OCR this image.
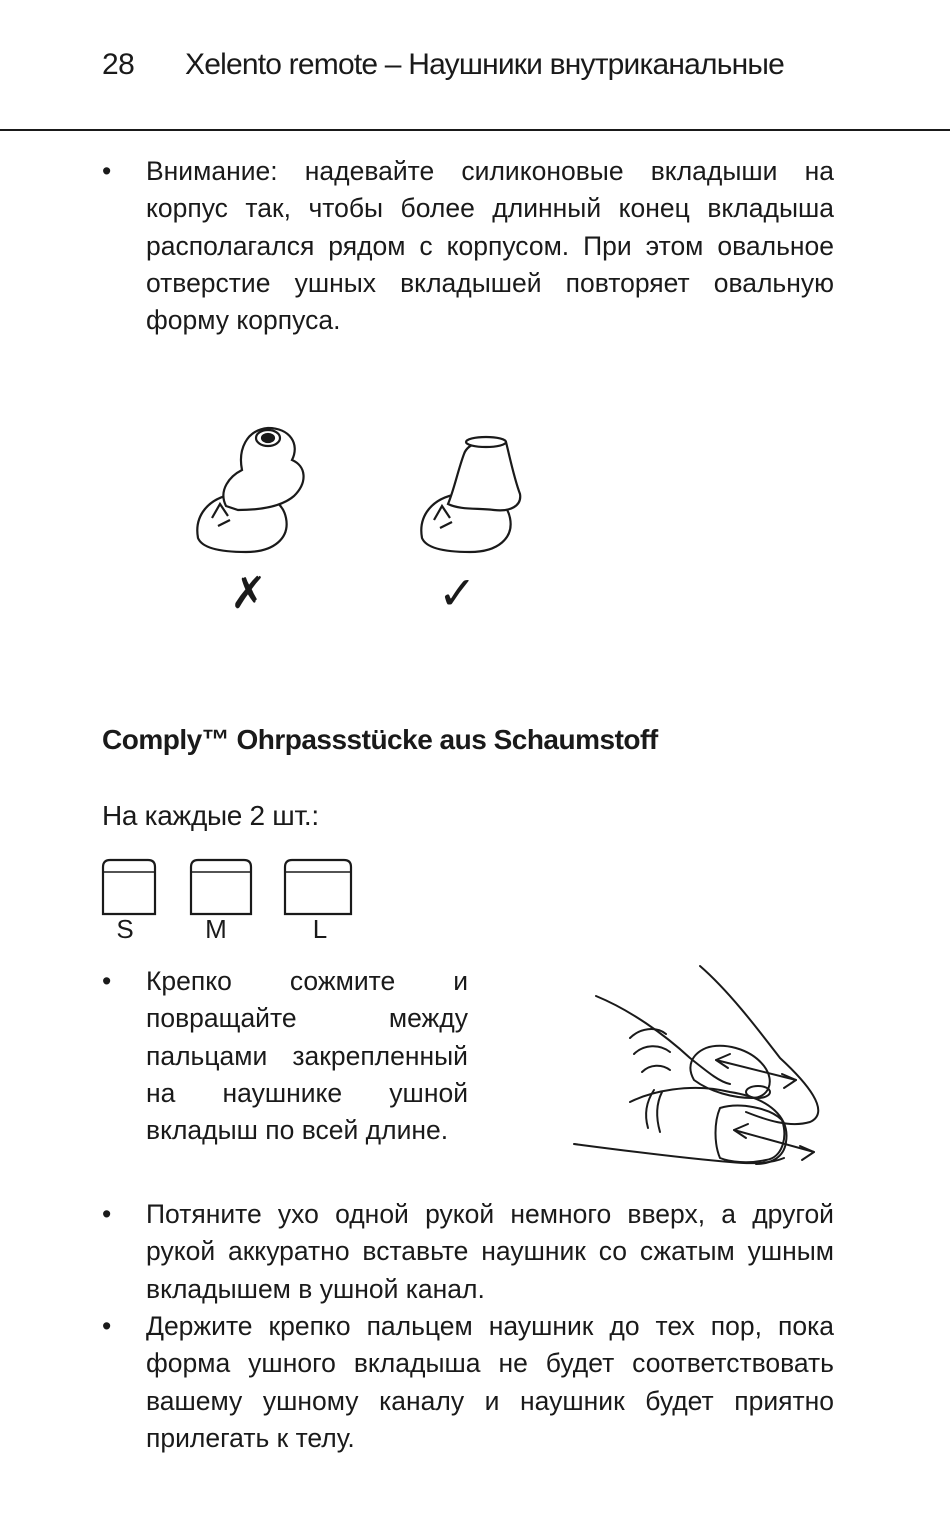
28 Xelento remote – Наушники внутриканальные
• Внимание: надевайте силиконовые вкладыши на корпус так, чтобы более длинный конец вкладыша располагался рядом с корпусом. При этом овальное отверстие ушных вкладышей повторяет овальную форму корпуса.

✗	✓
Comply™ Ohrpassstücke aus Schaumstoff
На каждые 2 шт.:
S	M	L
• Крепко сожмите и повращайте между пальцами закрепленный на наушнике ушной вкладыш по всей длине.

• Потяните ухо одной рукой немного вверх, а другой рукой аккуратно вставьте наушник со сжатым ушным вкладышем в ушной канал.

• Держите крепко пальцем наушник до тех пор, пока форма ушного вкладыша не будет соответствовать вашему ушному каналу и наушник будет приятно прилегать к телу.
